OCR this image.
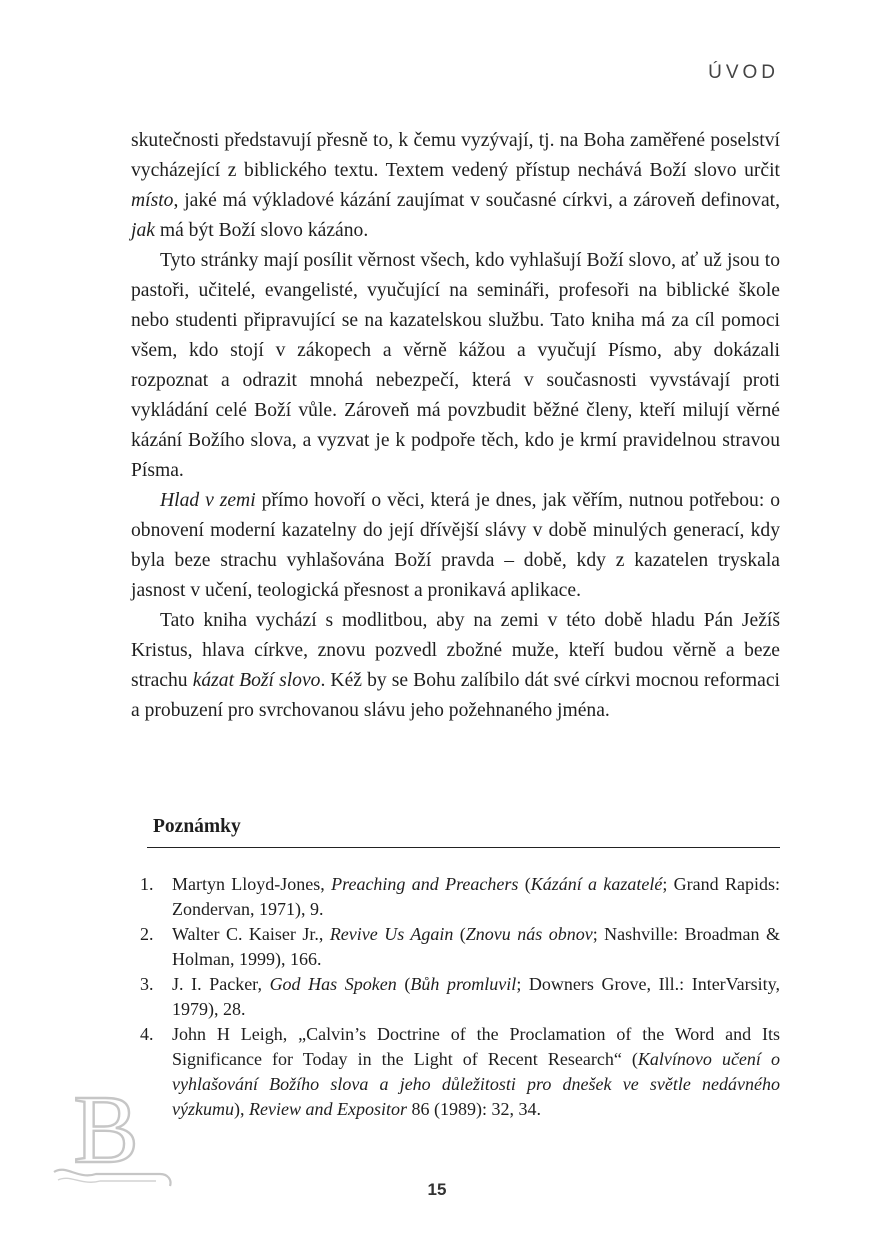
ÚVOD

skutečnosti představují přesně to, k čemu vyzývají, tj. na Boha zaměřené poselství vycházející z biblického textu. Textem vedený přístup nechává Boží slovo určit místo, jaké má výkladové kázání zaujímat v současné církvi, a zároveň definovat, jak má být Boží slovo kázáno.

Tyto stránky mají posílit věrnost všech, kdo vyhlašují Boží slovo, ať už jsou to pastoři, učitelé, evangelisté, vyučující na semináři, profesoři na biblické škole nebo studenti připravující se na kazatelskou službu. Tato kniha má za cíl pomoci všem, kdo stojí v zákopech a věrně kážou a vyučují Písmo, aby dokázali rozpoznat a odrazit mnohá nebezpečí, která v současnosti vyvstávají proti vykládání celé Boží vůle. Zároveň má povzbudit běžné členy, kteří milují věrné kázání Božího slova, a vyzvat je k podpoře těch, kdo je krmí pravidelnou stravou Písma.

Hlad v zemi přímo hovoří o věci, která je dnes, jak věřím, nutnou potřebou: o obnovení moderní kazatelny do její dřívější slávy v době minulých generací, kdy byla beze strachu vyhlašována Boží pravda – době, kdy z kazatelen tryskala jasnost v učení, teologická přesnost a pronikavá aplikace.

Tato kniha vychází s modlitbou, aby na zemi v této době hladu Pán Ježíš Kristus, hlava církve, znovu pozvedl zbožné muže, kteří budou věrně a beze strachu kázat Boží slovo. Kéž by se Bohu zalíbilo dát své církvi mocnou reformaci a probuzení pro svrchovanou slávu jeho požehnaného jména.

Poznámky
1. Martyn Lloyd-Jones, Preaching and Preachers (Kázání a kazatelé; Grand Rapids: Zondervan, 1971), 9.
2. Walter C. Kaiser Jr., Revive Us Again (Znovu nás obnov; Nashville: Broadman & Holman, 1999), 166.
3. J. I. Packer, God Has Spoken (Bůh promluvil; Downers Grove, Ill.: InterVarsity, 1979), 28.
4. John H Leigh, „Calvin’s Doctrine of the Proclamation of the Word and Its Significance for Today in the Light of Recent Research“ (Kalvínovo učení o vyhlašování Božího slova a jeho důležitosti pro dnešek ve světle nedávného výzkumu), Review and Expositor 86 (1989): 32, 34.
B
15
